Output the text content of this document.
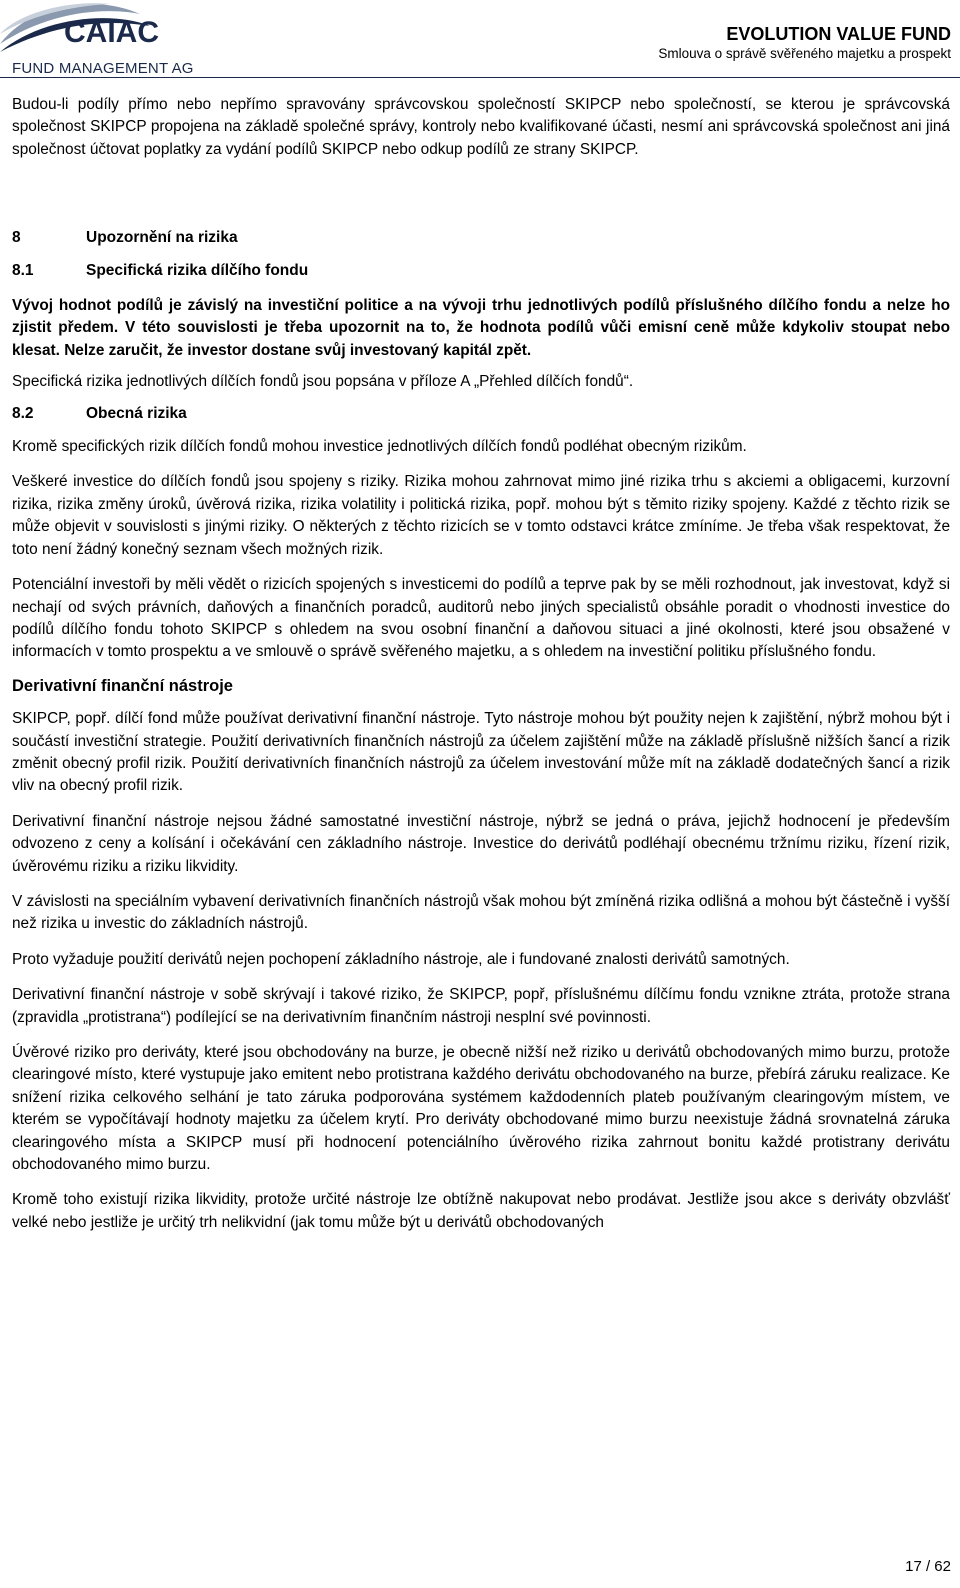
CAIAC
FUND MANAGEMENT AG
EVOLUTION VALUE FUND
Smlouva o správě svěřeného majetku a prospekt

Budou-li podíly přímo nebo nepřímo spravovány správcovskou společností SKIPCP nebo společností, se kterou je správcovská společnost SKIPCP propojena na základě společné správy, kontroly nebo kvalifikované účasti, nesmí ani správcovská společnost ani jiná společnost účtovat poplatky za vydání podílů SKIPCP nebo odkup podílů ze strany SKIPCP.

8	Upozornění na rizika
8.1	Specifická rizika dílčího fondu

Vývoj hodnot podílů je závislý na investiční politice a na vývoji trhu jednotlivých podílů příslušného dílčího fondu a nelze ho zjistit předem. V této souvislosti je třeba upozornit na to, že hodnota podílů vůči emisní ceně může kdykoliv stoupat nebo klesat. Nelze zaručit, že investor dostane svůj investovaný kapitál zpět.

Specifická rizika jednotlivých dílčích fondů jsou popsána v příloze A „Přehled dílčích fondů“.

8.2	Obecná rizika

Kromě specifických rizik dílčích fondů mohou investice jednotlivých dílčích fondů podléhat obecným rizikům.

Veškeré investice do dílčích fondů jsou spojeny s riziky. Rizika mohou zahrnovat mimo jiné rizika trhu s akciemi a obligacemi, kurzovní rizika, rizika změny úroků, úvěrová rizika, rizika volatility i politická rizika, popř. mohou být s těmito riziky spojeny. Každé z těchto rizik se může objevit v souvislosti s jinými riziky. O některých z těchto rizicích se v tomto odstavci krátce zmíníme. Je třeba však respektovat, že toto není žádný konečný seznam všech možných rizik.

Potenciální investoři by měli vědět o rizicích spojených s investicemi do podílů a teprve pak by se měli rozhodnout, jak investovat, když si nechají od svých právních, daňových a finančních poradců, auditorů nebo jiných specialistů obsáhle poradit o vhodnosti investice do podílů dílčího fondu tohoto SKIPCP s ohledem na svou osobní finanční a daňovou situaci a jiné okolnosti, které jsou obsažené v informacích v tomto prospektu a ve smlouvě o správě svěřeného majetku, a s ohledem na investiční politiku příslušného fondu.

Derivativní finanční nástroje

SKIPCP, popř. dílčí fond může používat derivativní finanční nástroje. Tyto nástroje mohou být použity nejen k zajištění, nýbrž mohou být i součástí investiční strategie. Použití derivativních finančních nástrojů za účelem zajištění může na základě příslušně nižších šancí a rizik změnit obecný profil rizik. Použití derivativních finančních nástrojů za účelem investování může mít na základě dodatečných šancí a rizik vliv na obecný profil rizik.

Derivativní finanční nástroje nejsou žádné samostatné investiční nástroje, nýbrž se jedná o práva, jejichž hodnocení je především odvozeno z ceny a kolísání i očekávání cen základního nástroje. Investice do derivátů podléhají obecnému tržnímu riziku, řízení rizik, úvěrovému riziku a riziku likvidity.

V závislosti na speciálním vybavení derivativních finančních nástrojů však mohou být zmíněná rizika odlišná a mohou být částečně i vyšší než rizika u investic do základních nástrojů.

Proto vyžaduje použití derivátů nejen pochopení základního nástroje, ale i fundované znalosti derivátů samotných.

Derivativní finanční nástroje v sobě skrývají i takové riziko, že SKIPCP, popř, příslušnému dílčímu fondu vznikne ztráta, protože strana (zpravidla „protistrana“) podílející se na derivativním finančním nástroji nesplní své povinnosti.

Úvěrové riziko pro deriváty, které jsou obchodovány na burze, je obecně nižší než riziko u derivátů obchodovaných mimo burzu, protože clearingové místo, které vystupuje jako emitent nebo protistrana každého derivátu obchodovaného na burze, přebírá záruku realizace. Ke snížení rizika celkového selhání je tato záruka podporována systémem každodenních plateb používaným clearingovým místem, ve kterém se vypočítávají hodnoty majetku za účelem krytí. Pro deriváty obchodované mimo burzu neexistuje žádná srovnatelná záruka clearingového místa a SKIPCP musí při hodnocení potenciálního úvěrového rizika zahrnout bonitu každé protistrany derivátu obchodovaného mimo burzu.

Kromě toho existují rizika likvidity, protože určité nástroje lze obtížně nakupovat nebo prodávat. Jestliže jsou akce s deriváty obzvlášť velké nebo jestliže je určitý trh nelikvidní (jak tomu může být u derivátů obchodovaných

17 / 62
